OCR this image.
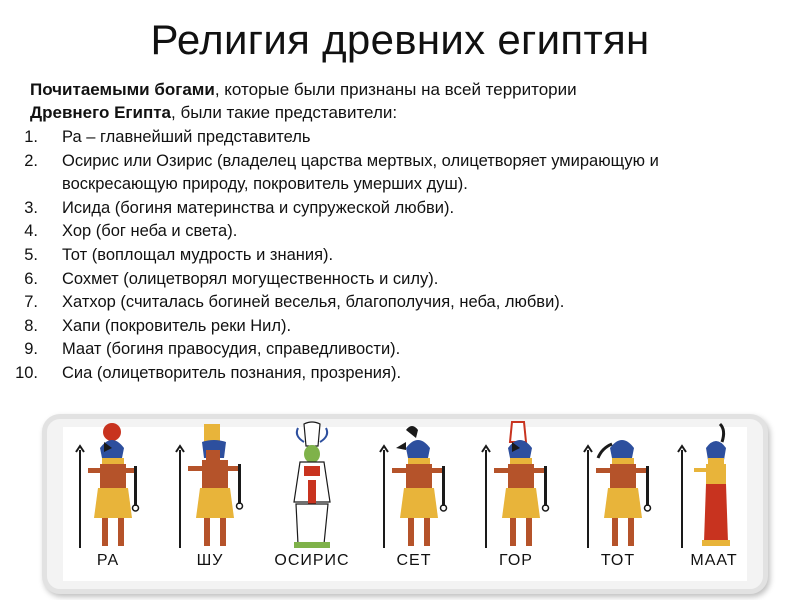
Религия древних египтян
Почитаемыми богами, которые были признаны на всей территории Древнего Египта, были такие представители:
1. Ра – главнейший представитель
2. Осирис или Озирис (владелец царства мертвых, олицетворяет умирающую и воскресающую природу, покровитель умерших душ).
3. Исида (богиня материнства и супружеской любви).
4. Хор (бог неба и света).
5. Тот (воплощал мудрость и знания).
6. Сохмет (олицетворял могущественность и силу).
7. Хатхор (считалась богиней веселья, благополучия, неба, любви).
8. Хапи (покровитель реки Нил).
9. Маат (богиня правосудия, справедливости).
10. Сиа (олицетворитель познания, прозрения).
РА	ШУ	ОСИРИС	СЕТ	ГОР	ТОТ	МААТ
